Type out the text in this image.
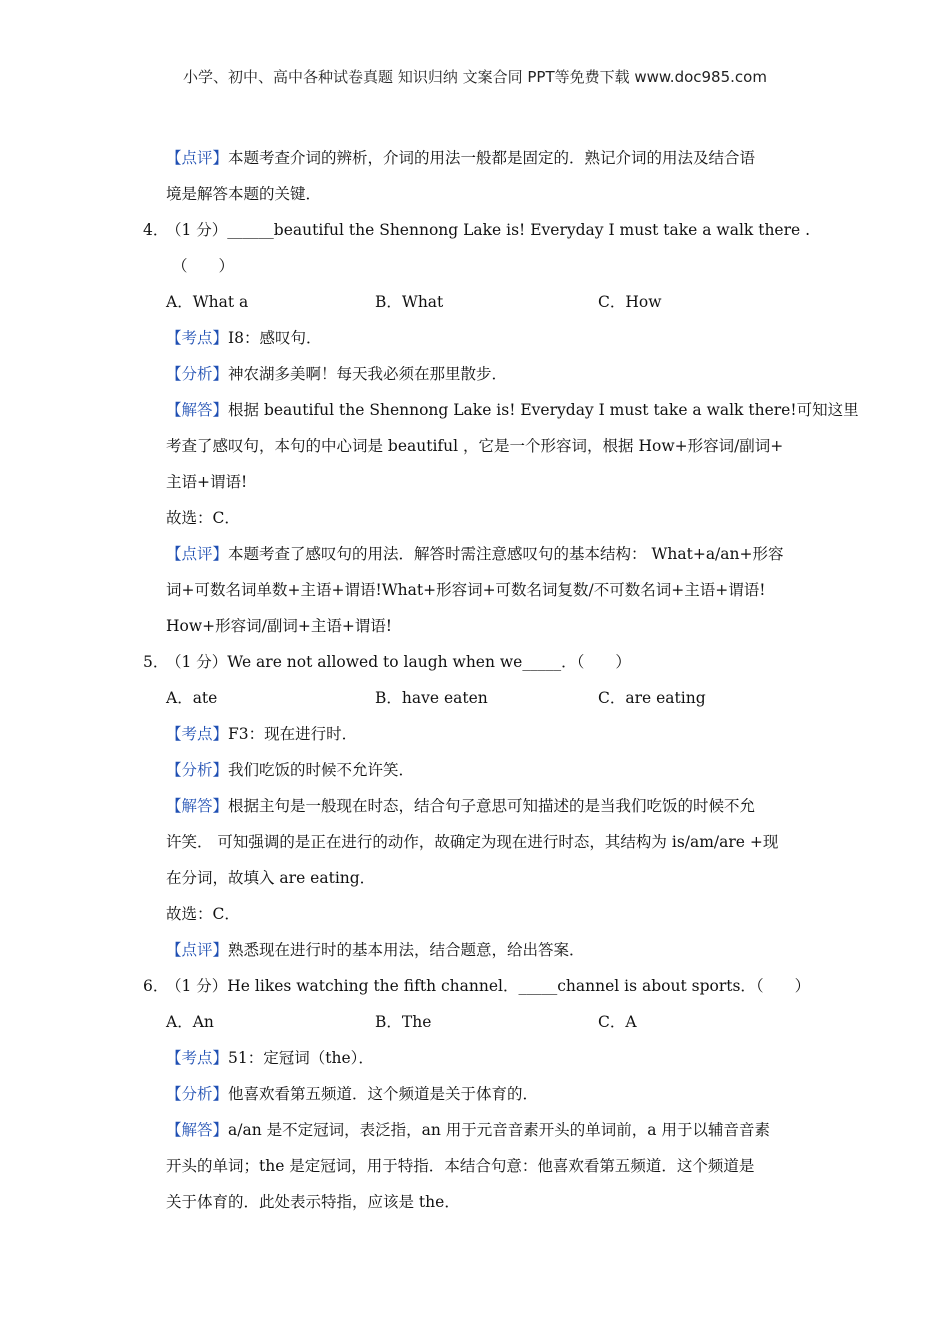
小学、初中、高中各种试卷真题 知识归纳 文案合同 PPT等免费下载 www.doc985.com
【点评】本题考查介词的辨析，介词的用法一般都是固定的．熟记介词的用法及结合语
境是解答本题的关键．
4．
（1 分）______beautiful the Shennong Lake is! Everyday I must take a walk there .
（　　）
A．What a	B．What	C．How
【考点】I8：感叹句．
【分析】神农湖多美啊！每天我必须在那里散步．
【解答】根据 beautiful the Shennong Lake is! Everyday I must take a walk there!可知这里
考查了感叹句，本句的中心词是 beautiful ，它是一个形容词，根据 How+形容词/副词+
主语+谓语!
故选：C．
【点评】本题考查了感叹句的用法．解答时需注意感叹句的基本结构： What+a/an+形容
词+可数名词单数+主语+谓语!What+形容词+可数名词复数/不可数名词+主语+谓语!
How+形容词/副词+主语+谓语!
5．
（1 分）We are not allowed to laugh when we_____．（　　）
A．ate	B．have eaten	C．are eating
【考点】F3：现在进行时．
【分析】我们吃饭的时候不允许笑．
【解答】根据主句是一般现在时态，结合句子意思可知描述的是当我们吃饭的时候不允
许笑． 可知强调的是正在进行的动作，故确定为现在进行时态，其结构为 is/am/are +现
在分词，故填入 are eating．
故选：C．
【点评】熟悉现在进行时的基本用法，结合题意，给出答案．
6．
（1 分）He likes watching the fifth channel．_____channel is about sports．（　　）
A．An	B．The	C．A
【考点】51：定冠词（the）．
【分析】他喜欢看第五频道．这个频道是关于体育的．
【解答】a/an 是不定冠词，表泛指，an 用于元音音素开头的单词前，a 用于以辅音音素
开头的单词；the 是定冠词，用于特指．本结合句意：他喜欢看第五频道．这个频道是
关于体育的．此处表示特指，应该是 the．
